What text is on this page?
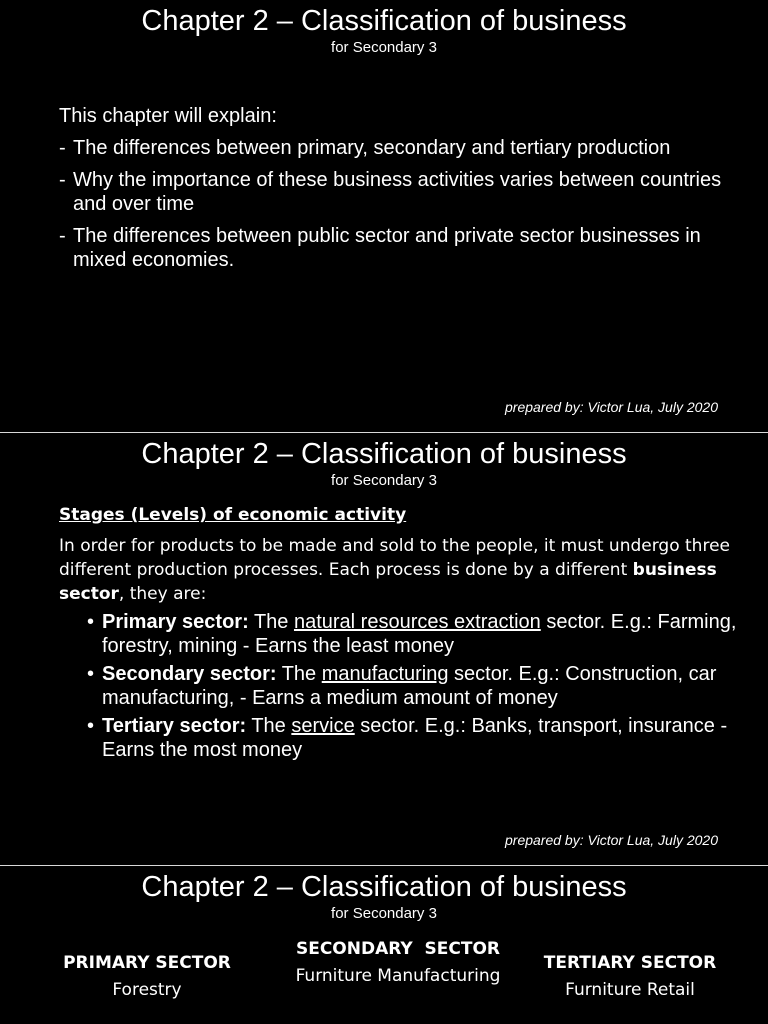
Chapter 2 – Classification of business
for Secondary 3
This chapter will explain:
- The differences between primary, secondary and tertiary production
- Why the importance of these business activities varies between countries and over time
- The differences between public sector and private sector businesses in mixed economies.
prepared by: Victor Lua, July 2020
Chapter 2 – Classification of business
for Secondary 3
Stages (Levels) of economic activity
In order for products to be made and sold to the people, it must undergo three different production processes. Each process is done by a different business sector, they are:
• Primary sector: The natural resources extraction sector. E.g.: Farming, forestry, mining - Earns the least money
• Secondary sector: The manufacturing sector. E.g.: Construction, car manufacturing, - Earns a medium amount of money
• Tertiary sector: The service sector. E.g.: Banks, transport, insurance - Earns the most money
prepared by: Victor Lua, July 2020
Chapter 2 – Classification of business
for Secondary 3
PRIMARY SECTOR
Forestry
SECONDARY  SECTOR
Furniture Manufacturing
TERTIARY SECTOR
Furniture Retail
